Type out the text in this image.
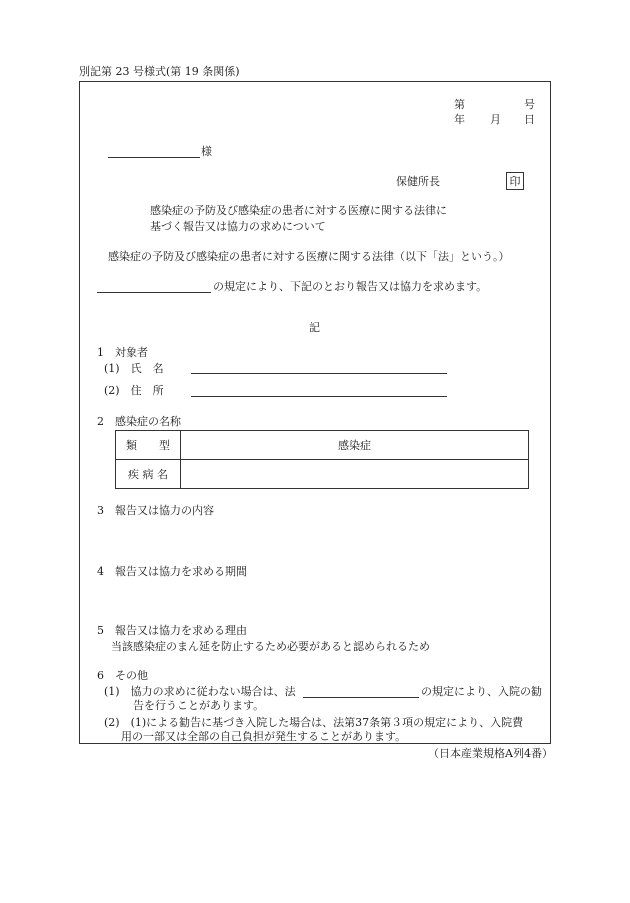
別記第 23 号様式(第 19 条関係)
第	号
年 月 日
様
保健所長	印
感染症の予防及び感染症の患者に対する医療に関する法律に
基づく報告又は協力の求めについて
感染症の予防及び感染症の患者に対する医療に関する法律（以下「法」という。）
の規定により、下記のとおり報告又は協力を求めます。
記
1　対象者
(1)　氏　名
(2)　住　所
2　感染症の名称
類　　型	感染症
疾 病 名	
3　報告又は協力の内容
4　報告又は協力を求める期間
5　報告又は協力を求める理由
当該感染症のまん延を防止するため必要があると認められるため
6　その他
(1)　協力の求めに従わない場合は、法	の規定により、入院の勧
告を行うことがあります。
(2)　(1)による勧告に基づき入院した場合は、法第37条第３項の規定により、入院費
用の一部又は全部の自己負担が発生することがあります。
（日本産業規格A列4番）
